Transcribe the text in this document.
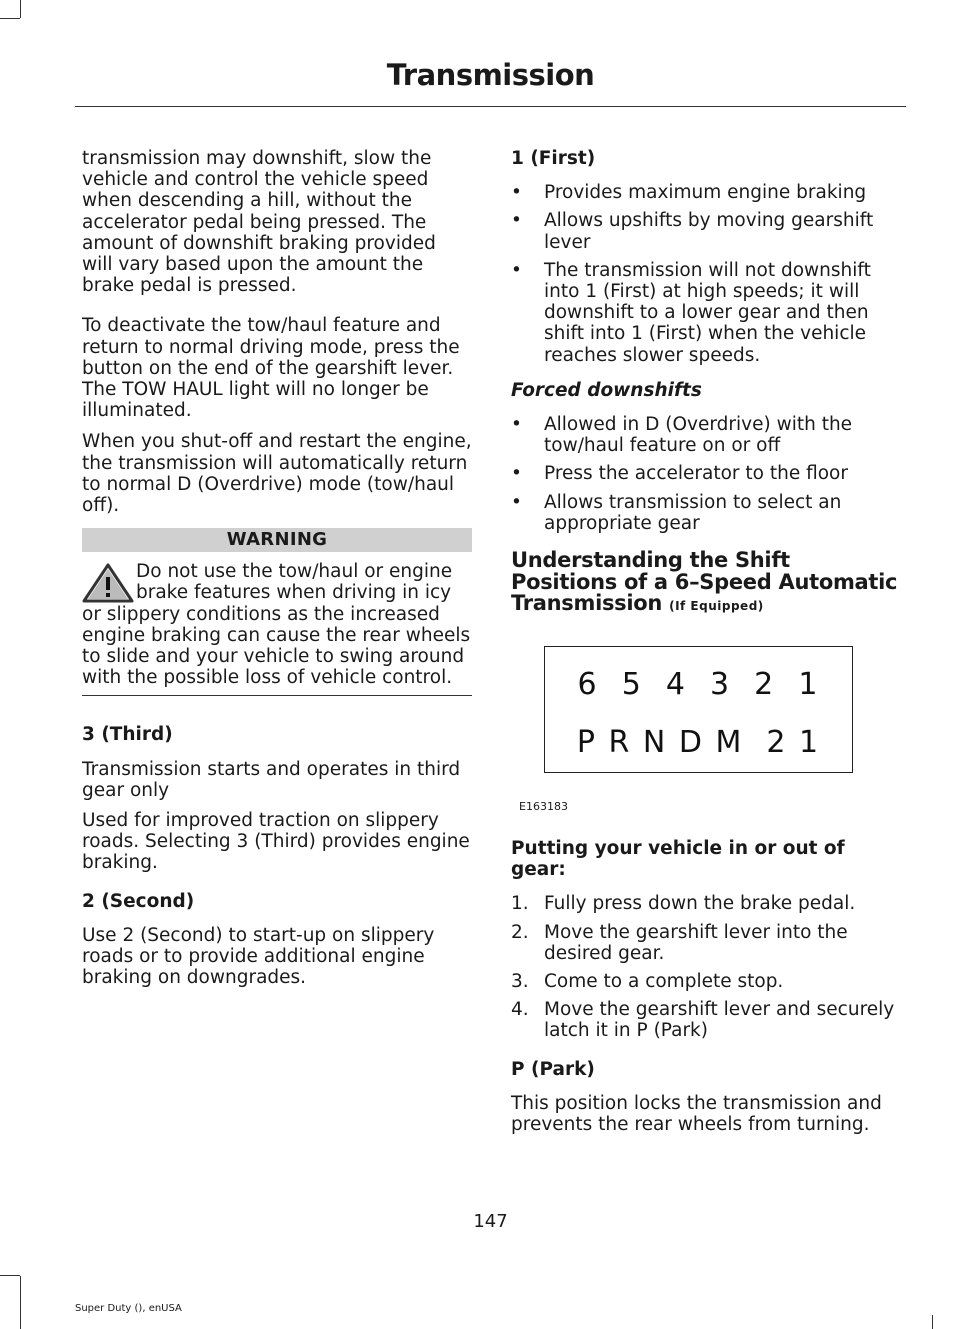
Transmission

transmission may downshift, slow the vehicle and control the vehicle speed when descending a hill, without the accelerator pedal being pressed. The amount of downshift braking provided will vary based upon the amount the brake pedal is pressed.

To deactivate the tow/haul feature and return to normal driving mode, press the button on the end of the gearshift lever. The TOW HAUL light will no longer be illuminated.

When you shut-off and restart the engine, the transmission will automatically return to normal D (Overdrive) mode (tow/haul off).

WARNING
Do not use the tow/haul or engine brake features when driving in icy or slippery conditions as the increased engine braking can cause the rear wheels to slide and your vehicle to swing around with the possible loss of vehicle control.

3 (Third)

Transmission starts and operates in third gear only

Used for improved traction on slippery roads. Selecting 3 (Third) provides engine braking.

2 (Second)

Use 2 (Second) to start-up on slippery roads or to provide additional engine braking on downgrades.

1 (First)

• Provides maximum engine braking
• Allows upshifts by moving gearshift lever
• The transmission will not downshift into 1 (First) at high speeds; it will downshift to a lower gear and then shift into 1 (First) when the vehicle reaches slower speeds.

Forced downshifts

• Allowed in D (Overdrive) with the tow/haul feature on or off
• Press the accelerator to the floor
• Allows transmission to select an appropriate gear

Understanding the Shift Positions of a 6–Speed Automatic Transmission (If Equipped)

6  5  4  3  2  1
P R N D M  2 1
E163183

Putting your vehicle in or out of gear:

1. Fully press down the brake pedal.
2. Move the gearshift lever into the desired gear.
3. Come to a complete stop.
4. Move the gearshift lever and securely latch it in P (Park)

P (Park)

This position locks the transmission and prevents the rear wheels from turning.

147
Super Duty (), enUSA
